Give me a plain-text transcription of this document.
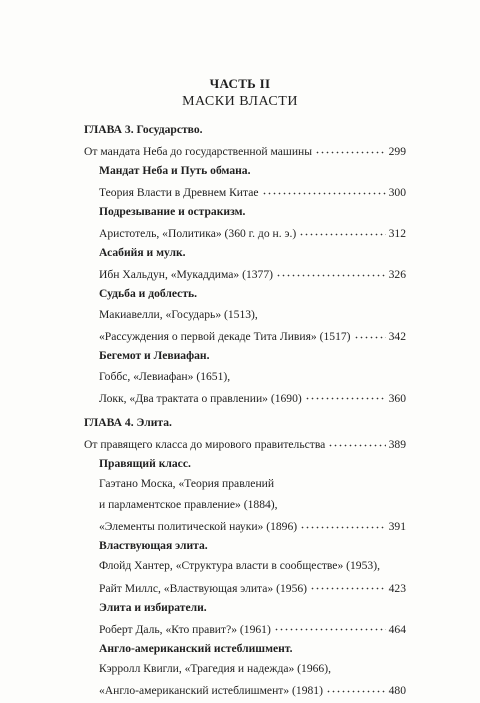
ЧАСТЬ II
МАСКИ ВЛАСТИ
ГЛАВА 3. Государство.
От мандата Неба до государственной машины	299
Мандат Неба и Путь обмана.
Теория Власти в Древнем Китае	300
Подрезывание и остракизм.
Аристотель, «Политика» (360 г. до н. э.)	312
Асабийя и мулк.
Ибн Хальдун, «Мукаддима» (1377)	326
Судьба и доблесть.
Макиавелли, «Государь» (1513),
«Рассуждения о первой декаде Тита Ливия» (1517)	342
Бегемот и Левиафан.
Гоббс, «Левиафан» (1651),
Локк, «Два трактата о правлении» (1690)	360
ГЛАВА 4. Элита.
От правящего класса до мирового правительства	389
Правящий класс.
Гаэтано Моска, «Теория правлений
и парламентское правление» (1884),
«Элементы политической науки» (1896)	391
Властвующая элита.
Флойд Хантер, «Структура власти в сообществе» (1953),
Райт Миллс, «Властвующая элита» (1956)	423
Элита и избиратели.
Роберт Даль, «Кто правит?» (1961)	464
Англо-американский истеблишмент.
Кэрролл Квигли, «Трагедия и надежда» (1966),
«Англо-американский истеблишмент» (1981)	480
